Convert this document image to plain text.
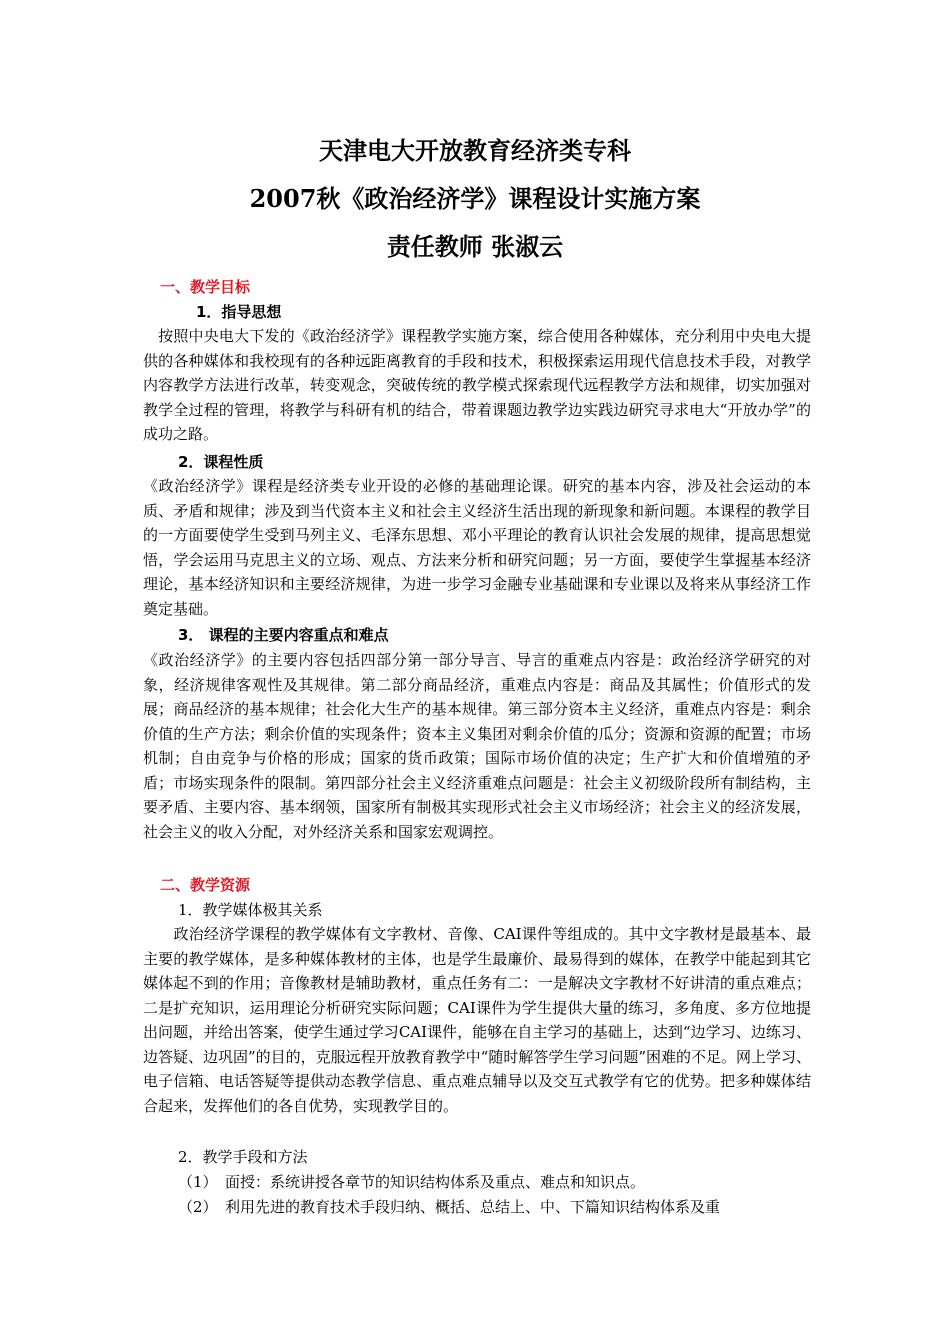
天津电大开放教育经济类专科
2007秋《政治经济学》课程设计实施方案
责任教师 张淑云
一、教学目标
1．指导思想

　按照中央电大下发的《政治经济学》课程教学实施方案，综合使用各种媒体，充分利用中央电大提供的各种媒体和我校现有的各种远距离教育的手段和技术，积极探索运用现代信息技术手段，对教学内容教学方法进行改革，转变观念，突破传统的教学模式探索现代远程教学方法和规律，切实加强对教学全过程的管理，将教学与科研有机的结合，带着课题边教学边实践边研究寻求电大“开放办学”的成功之路。

2．课程性质

《政治经济学》课程是经济类专业开设的必修的基础理论课。研究的基本内容，涉及社会运动的本质、矛盾和规律；涉及到当代资本主义和社会主义经济生活出现的新现象和新问题。本课程的教学目的一方面要使学生受到马列主义、毛泽东思想、邓小平理论的教育认识社会发展的规律，提高思想觉悟，学会运用马克思主义的立场、观点、方法来分析和研究问题；另一方面，要使学生掌握基本经济理论，基本经济知识和主要经济规律，为进一步学习金融专业基础课和专业课以及将来从事经济工作奠定基础。

3． 课程的主要内容重点和难点

《政治经济学》的主要内容包括四部分第一部分导言、导言的重难点内容是：政治经济学研究的对象，经济规律客观性及其规律。第二部分商品经济，重难点内容是：商品及其属性；价值形式的发展；商品经济的基本规律；社会化大生产的基本规律。第三部分资本主义经济，重难点内容是：剩余价值的生产方法；剩余价值的实现条件；资本主义集团对剩余价值的瓜分；资源和资源的配置；市场机制；自由竞争与价格的形成；国家的货币政策；国际市场价值的决定；生产扩大和价值增殖的矛盾；市场实现条件的限制。第四部分社会主义经济重难点问题是：社会主义初级阶段所有制结构，主要矛盾、主要内容、基本纲领，国家所有制极其实现形式社会主义市场经济；社会主义的经济发展，社会主义的收入分配，对外经济关系和国家宏观调控。

二、教学资源
1．教学媒体极其关系

　　政治经济学课程的教学媒体有文字教材、音像、CAI课件等组成的。其中文字教材是最基本、最主要的教学媒体，是多种媒体教材的主体，也是学生最廉价、最易得到的媒体，在教学中能起到其它媒体起不到的作用；音像教材是辅助教材，重点任务有二：一是解决文字教材不好讲清的重点难点；二是扩充知识，运用理论分析研究实际问题；CAI课件为学生提供大量的练习，多角度、多方位地提出问题，并给出答案，使学生通过学习CAI课件，能够在自主学习的基础上，达到“边学习、边练习、边答疑、边巩固”的目的，克服远程开放教育教学中“随时解答学生学习问题”困难的不足。网上学习、电子信箱、电话答疑等提供动态教学信息、重点难点辅导以及交互式教学有它的优势。把多种媒体结合起来，发挥他们的各自优势，实现教学目的。

2．教学手段和方法
（1）　面授：系统讲授各章节的知识结构体系及重点、难点和知识点。
（2）　利用先进的教育技术手段归纳、概括、总结上、中、下篇知识结构体系及重
